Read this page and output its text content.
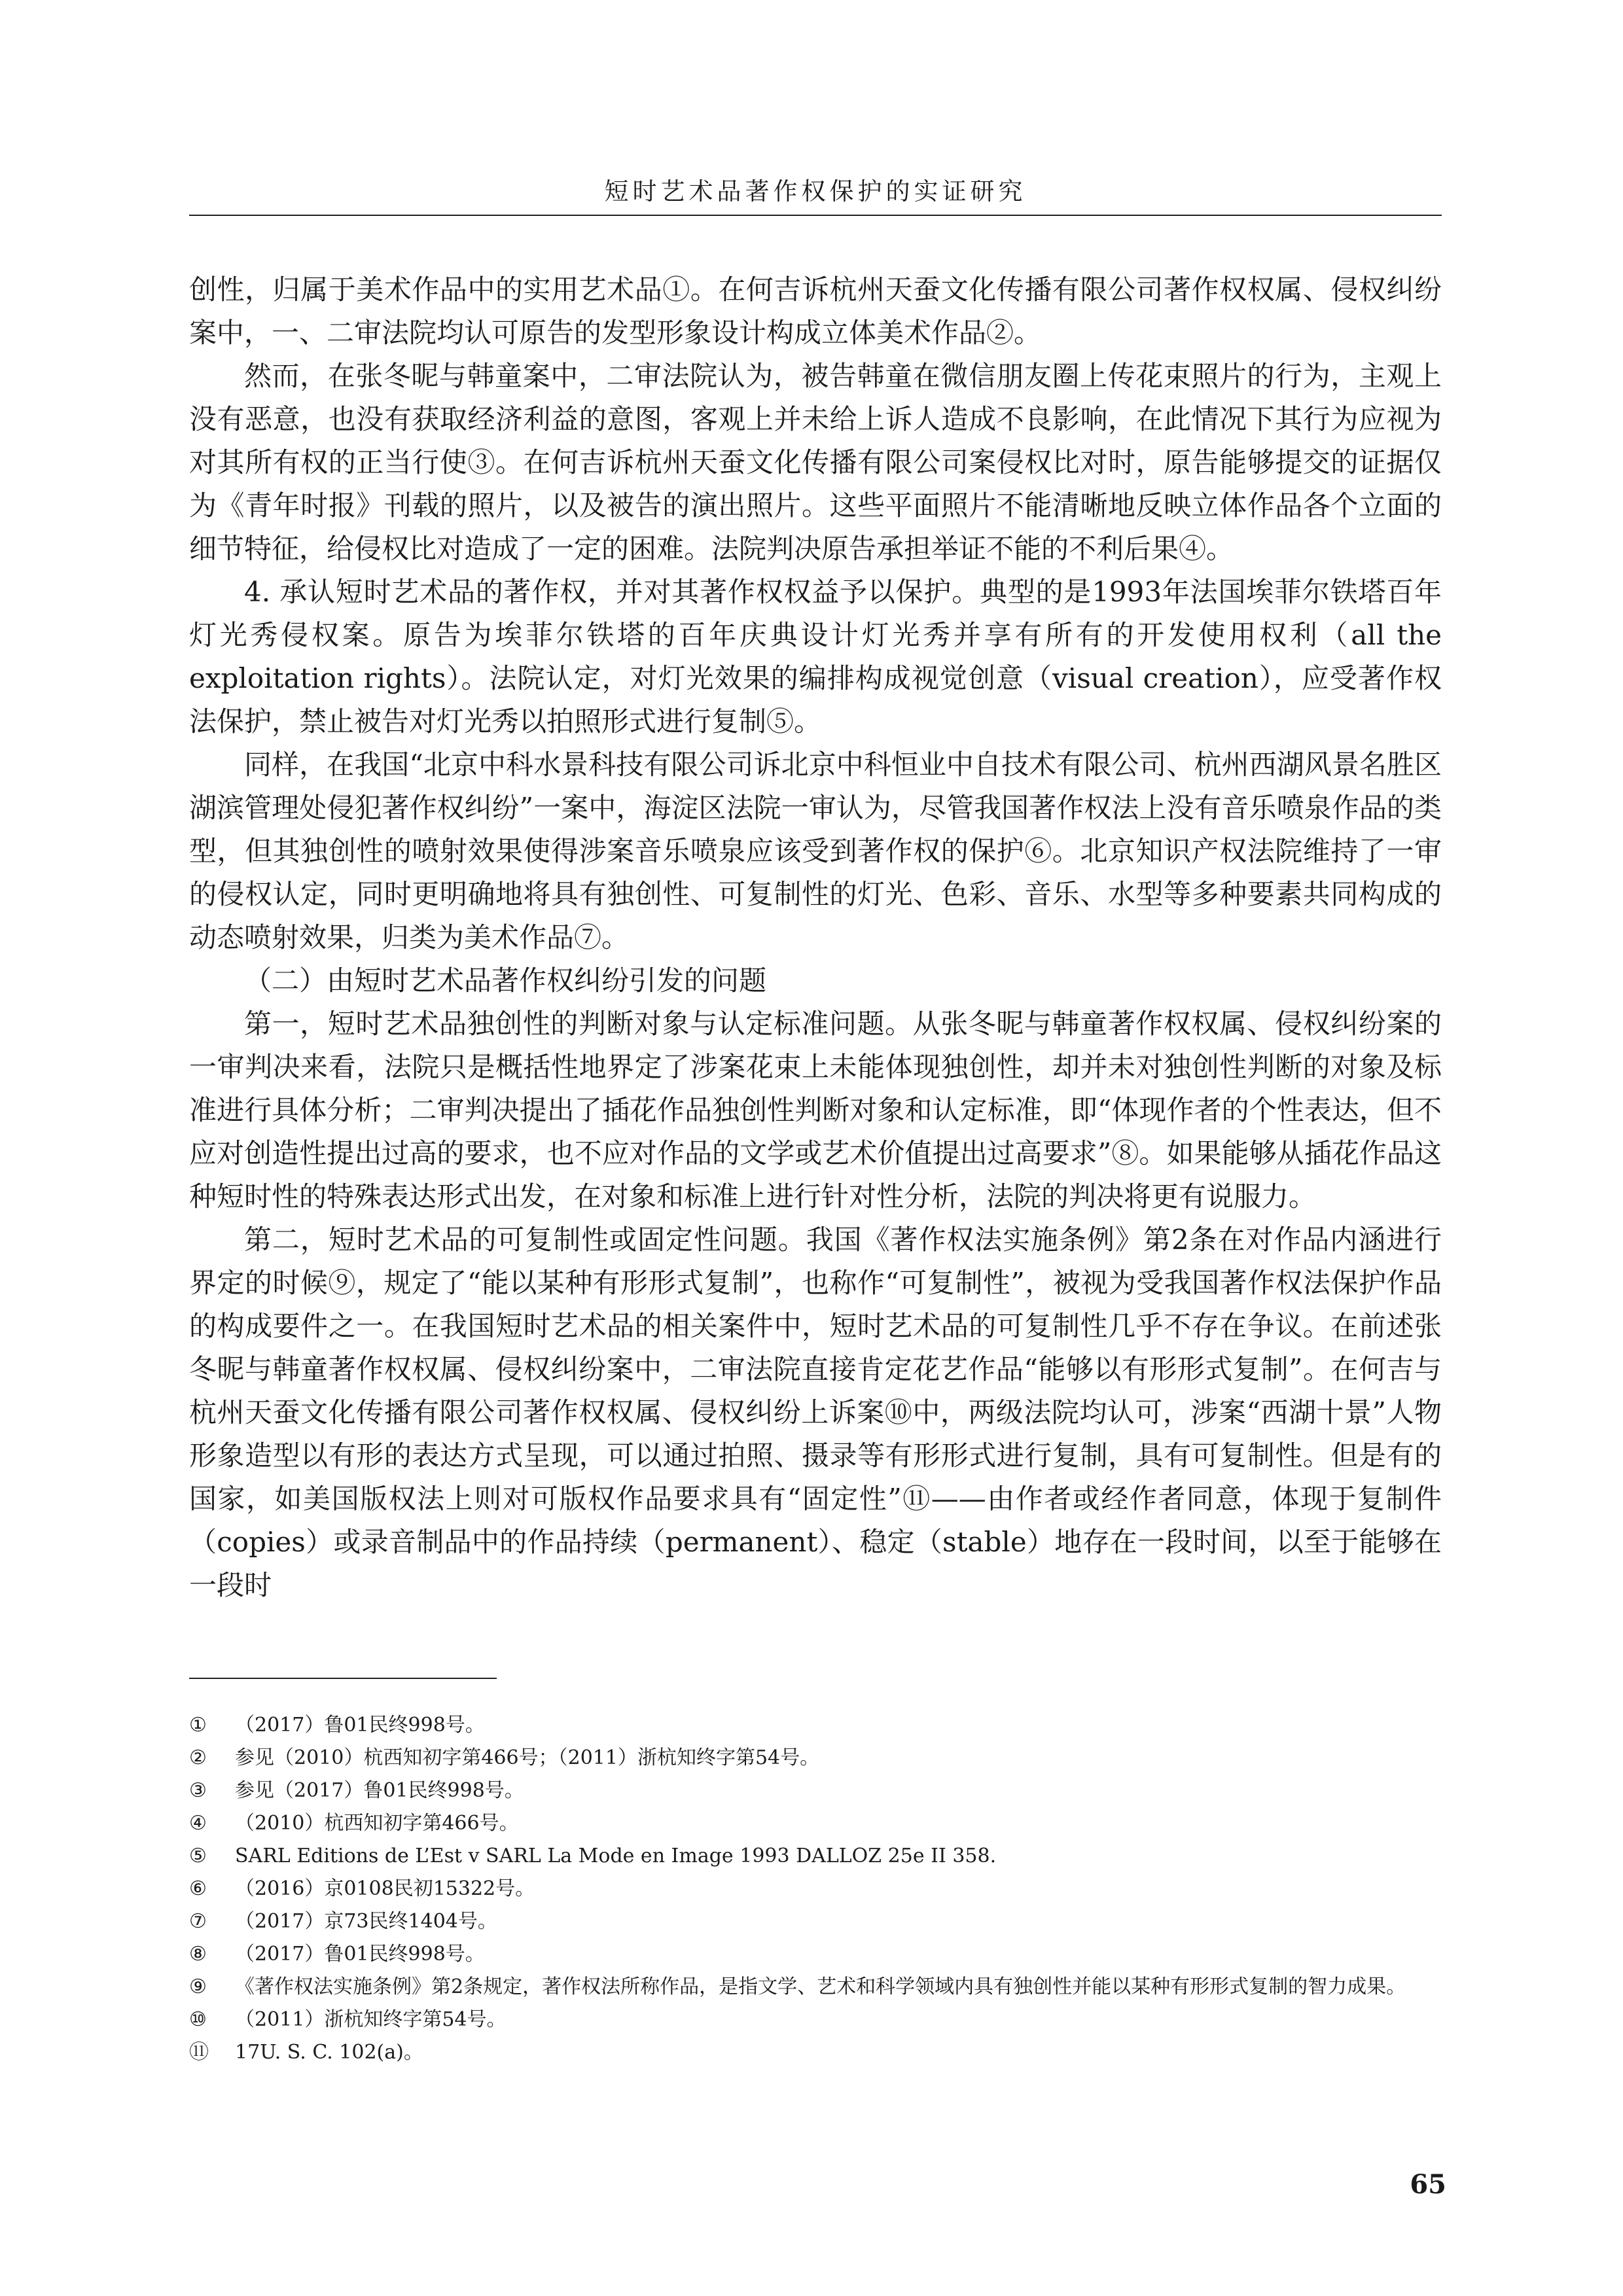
短时艺术品著作权保护的实证研究

创性，归属于美术作品中的实用艺术品①。在何吉诉杭州天蚕文化传播有限公司著作权权属、侵权纠纷案中，一、二审法院均认可原告的发型形象设计构成立体美术作品②。

然而，在张冬昵与韩童案中，二审法院认为，被告韩童在微信朋友圈上传花束照片的行为，主观上没有恶意，也没有获取经济利益的意图，客观上并未给上诉人造成不良影响，在此情况下其行为应视为对其所有权的正当行使③。在何吉诉杭州天蚕文化传播有限公司案侵权比对时，原告能够提交的证据仅为《青年时报》刊载的照片，以及被告的演出照片。这些平面照片不能清晰地反映立体作品各个立面的细节特征，给侵权比对造成了一定的困难。法院判决原告承担举证不能的不利后果④。

4. 承认短时艺术品的著作权，并对其著作权权益予以保护。典型的是1993年法国埃菲尔铁塔百年灯光秀侵权案。原告为埃菲尔铁塔的百年庆典设计灯光秀并享有所有的开发使用权利（all the exploitation rights）。法院认定，对灯光效果的编排构成视觉创意（visual creation），应受著作权法保护，禁止被告对灯光秀以拍照形式进行复制⑤。

同样，在我国“北京中科水景科技有限公司诉北京中科恒业中自技术有限公司、杭州西湖风景名胜区湖滨管理处侵犯著作权纠纷”一案中，海淀区法院一审认为，尽管我国著作权法上没有音乐喷泉作品的类型，但其独创性的喷射效果使得涉案音乐喷泉应该受到著作权的保护⑥。北京知识产权法院维持了一审的侵权认定，同时更明确地将具有独创性、可复制性的灯光、色彩、音乐、水型等多种要素共同构成的动态喷射效果，归类为美术作品⑦。

（二）由短时艺术品著作权纠纷引发的问题

第一，短时艺术品独创性的判断对象与认定标准问题。从张冬昵与韩童著作权权属、侵权纠纷案的一审判决来看，法院只是概括性地界定了涉案花束上未能体现独创性，却并未对独创性判断的对象及标准进行具体分析；二审判决提出了插花作品独创性判断对象和认定标准，即“体现作者的个性表达，但不应对创造性提出过高的要求，也不应对作品的文学或艺术价值提出过高要求”⑧。如果能够从插花作品这种短时性的特殊表达形式出发，在对象和标准上进行针对性分析，法院的判决将更有说服力。

第二，短时艺术品的可复制性或固定性问题。我国《著作权法实施条例》第2条在对作品内涵进行界定的时候⑨，规定了“能以某种有形形式复制”，也称作“可复制性”，被视为受我国著作权法保护作品的构成要件之一。在我国短时艺术品的相关案件中，短时艺术品的可复制性几乎不存在争议。在前述张冬昵与韩童著作权权属、侵权纠纷案中，二审法院直接肯定花艺作品“能够以有形形式复制”。在何吉与杭州天蚕文化传播有限公司著作权权属、侵权纠纷上诉案⑩中，两级法院均认可，涉案“西湖十景”人物形象造型以有形的表达方式呈现，可以通过拍照、摄录等有形形式进行复制，具有可复制性。但是有的国家，如美国版权法上则对可版权作品要求具有“固定性”⑪——由作者或经作者同意，体现于复制件（copies）或录音制品中的作品持续（permanent）、稳定（stable）地存在一段时间，以至于能够在一段时

①	（2017）鲁01民终998号。
②	参见（2010）杭西知初字第466号；（2011）浙杭知终字第54号。
③	参见（2017）鲁01民终998号。
④	（2010）杭西知初字第466号。
⑤	SARL Editions de L’Est v SARL La Mode en Image 1993 DALLOZ 25e II 358.
⑥	（2016）京0108民初15322号。
⑦	（2017）京73民终1404号。
⑧	（2017）鲁01民终998号。
⑨	《著作权法实施条例》第2条规定，著作权法所称作品，是指文学、艺术和科学领域内具有独创性并能以某种有形形式复制的智力成果。
⑩	（2011）浙杭知终字第54号。
⑪	17U. S. C. 102(a)。
65
